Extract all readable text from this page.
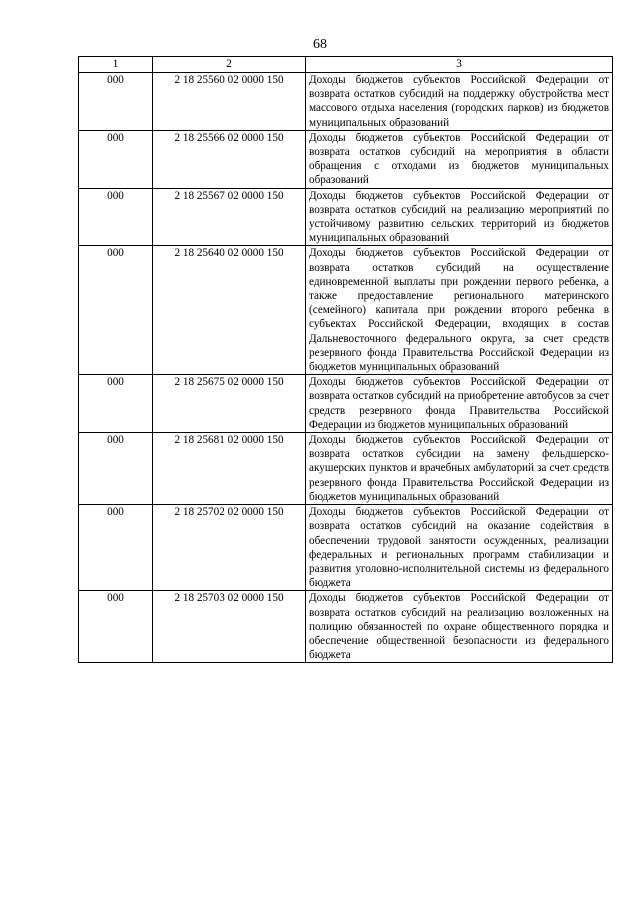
68
1	2	3
000	2 18 25560 02 0000 150	Доходы бюджетов субъектов Российской Федерации от возврата остатков субсидий на поддержку обустройства мест массового отдыха населения (городских парков) из бюджетов муниципальных образований
000	2 18 25566 02 0000 150	Доходы бюджетов субъектов Российской Федерации от возврата остатков субсидий на мероприятия в области обращения с отходами из бюджетов муниципальных образований
000	2 18 25567 02 0000 150	Доходы бюджетов субъектов Российской Федерации от возврата остатков субсидий на реализацию мероприятий по устойчивому развитию сельских территорий из бюджетов муниципальных образований
000	2 18 25640 02 0000 150	Доходы бюджетов субъектов Российской Федерации от возврата остатков субсидий на осуществление единовременной выплаты при рождении первого ребенка, а также предоставление регионального материнского (семейного) капитала при рождении второго ребенка в субъектах Российской Федерации, входящих в состав Дальневосточного федерального округа, за счет средств резервного фонда Правительства Российской Федерации из бюджетов муниципальных образований
000	2 18 25675 02 0000 150	Доходы бюджетов субъектов Российской Федерации от возврата остатков субсидий на приобретение автобусов за счет средств резервного фонда Правительства Российской Федерации из бюджетов муниципальных образований
000	2 18 25681 02 0000 150	Доходы бюджетов субъектов Российской Федерации от возврата остатков субсидии на замену фельдшерско-акушерских пунктов и врачебных амбулаторий за счет средств резервного фонда Правительства Российской Федерации из бюджетов муниципальных образований
000	2 18 25702 02 0000 150	Доходы бюджетов субъектов Российской Федерации от возврата остатков субсидий на оказание содействия в обеспечении трудовой занятости осужденных, реализации федеральных и региональных программ стабилизации и развития уголовно-исполнительной системы из федерального бюджета
000	2 18 25703 02 0000 150	Доходы бюджетов субъектов Российской Федерации от возврата остатков субсидий на реализацию возложенных на полицию обязанностей по охране общественного порядка и обеспечение общественной безопасности из федерального бюджета
